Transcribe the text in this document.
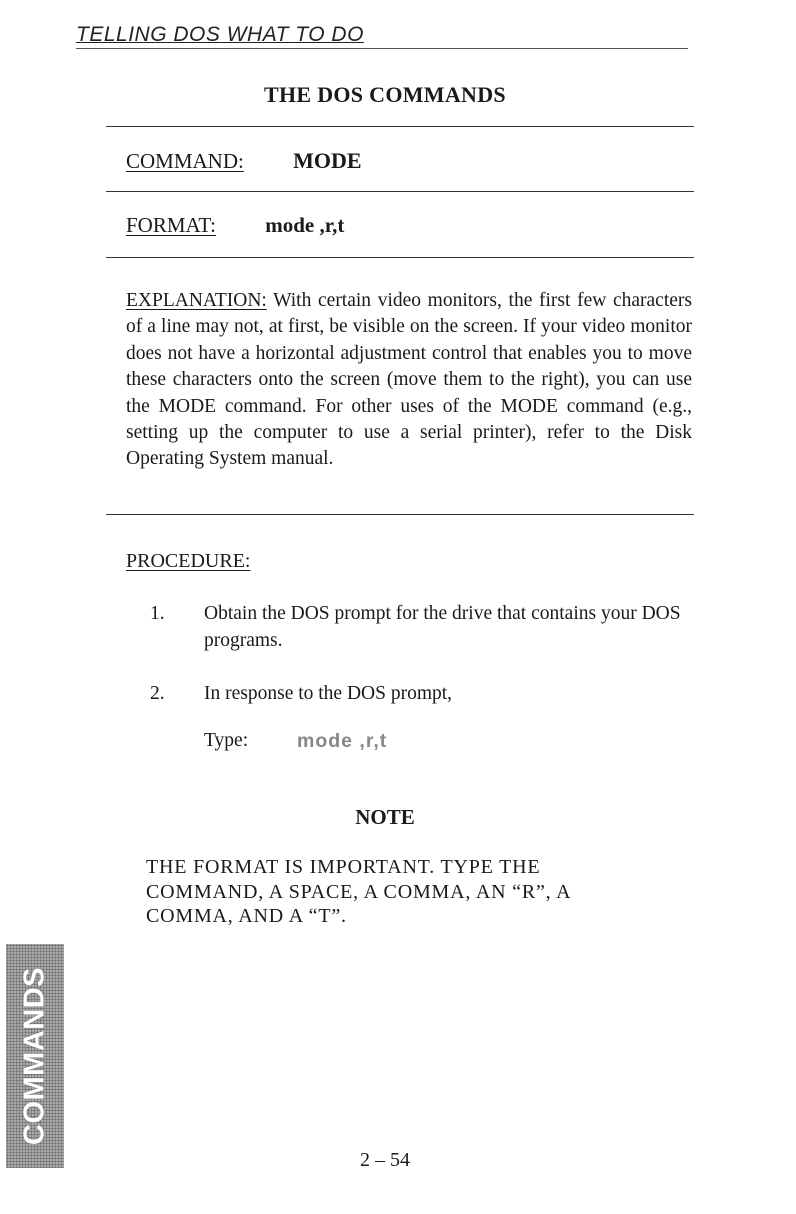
TELLING DOS WHAT TO DO
THE DOS COMMANDS
COMMAND: MODE
FORMAT: mode ,r,t
EXPLANATION: With certain video monitors, the first few characters of a line may not, at first, be visible on the screen. If your video monitor does not have a horizontal adjustment control that enables you to move these characters onto the screen (move them to the right), you can use the MODE command. For other uses of the MODE command (e.g., setting up the computer to use a serial printer), refer to the Disk Operating System manual.
PROCEDURE:
1.	Obtain the DOS prompt for the drive that contains your DOS programs.
2.	In response to the DOS prompt,
Type:	mode ,r,t
NOTE
THE FORMAT IS IMPORTANT. TYPE THE COMMAND, A SPACE, A COMMA, AN “R”, A COMMA, AND A “T”.
COMMANDS
2 – 54
